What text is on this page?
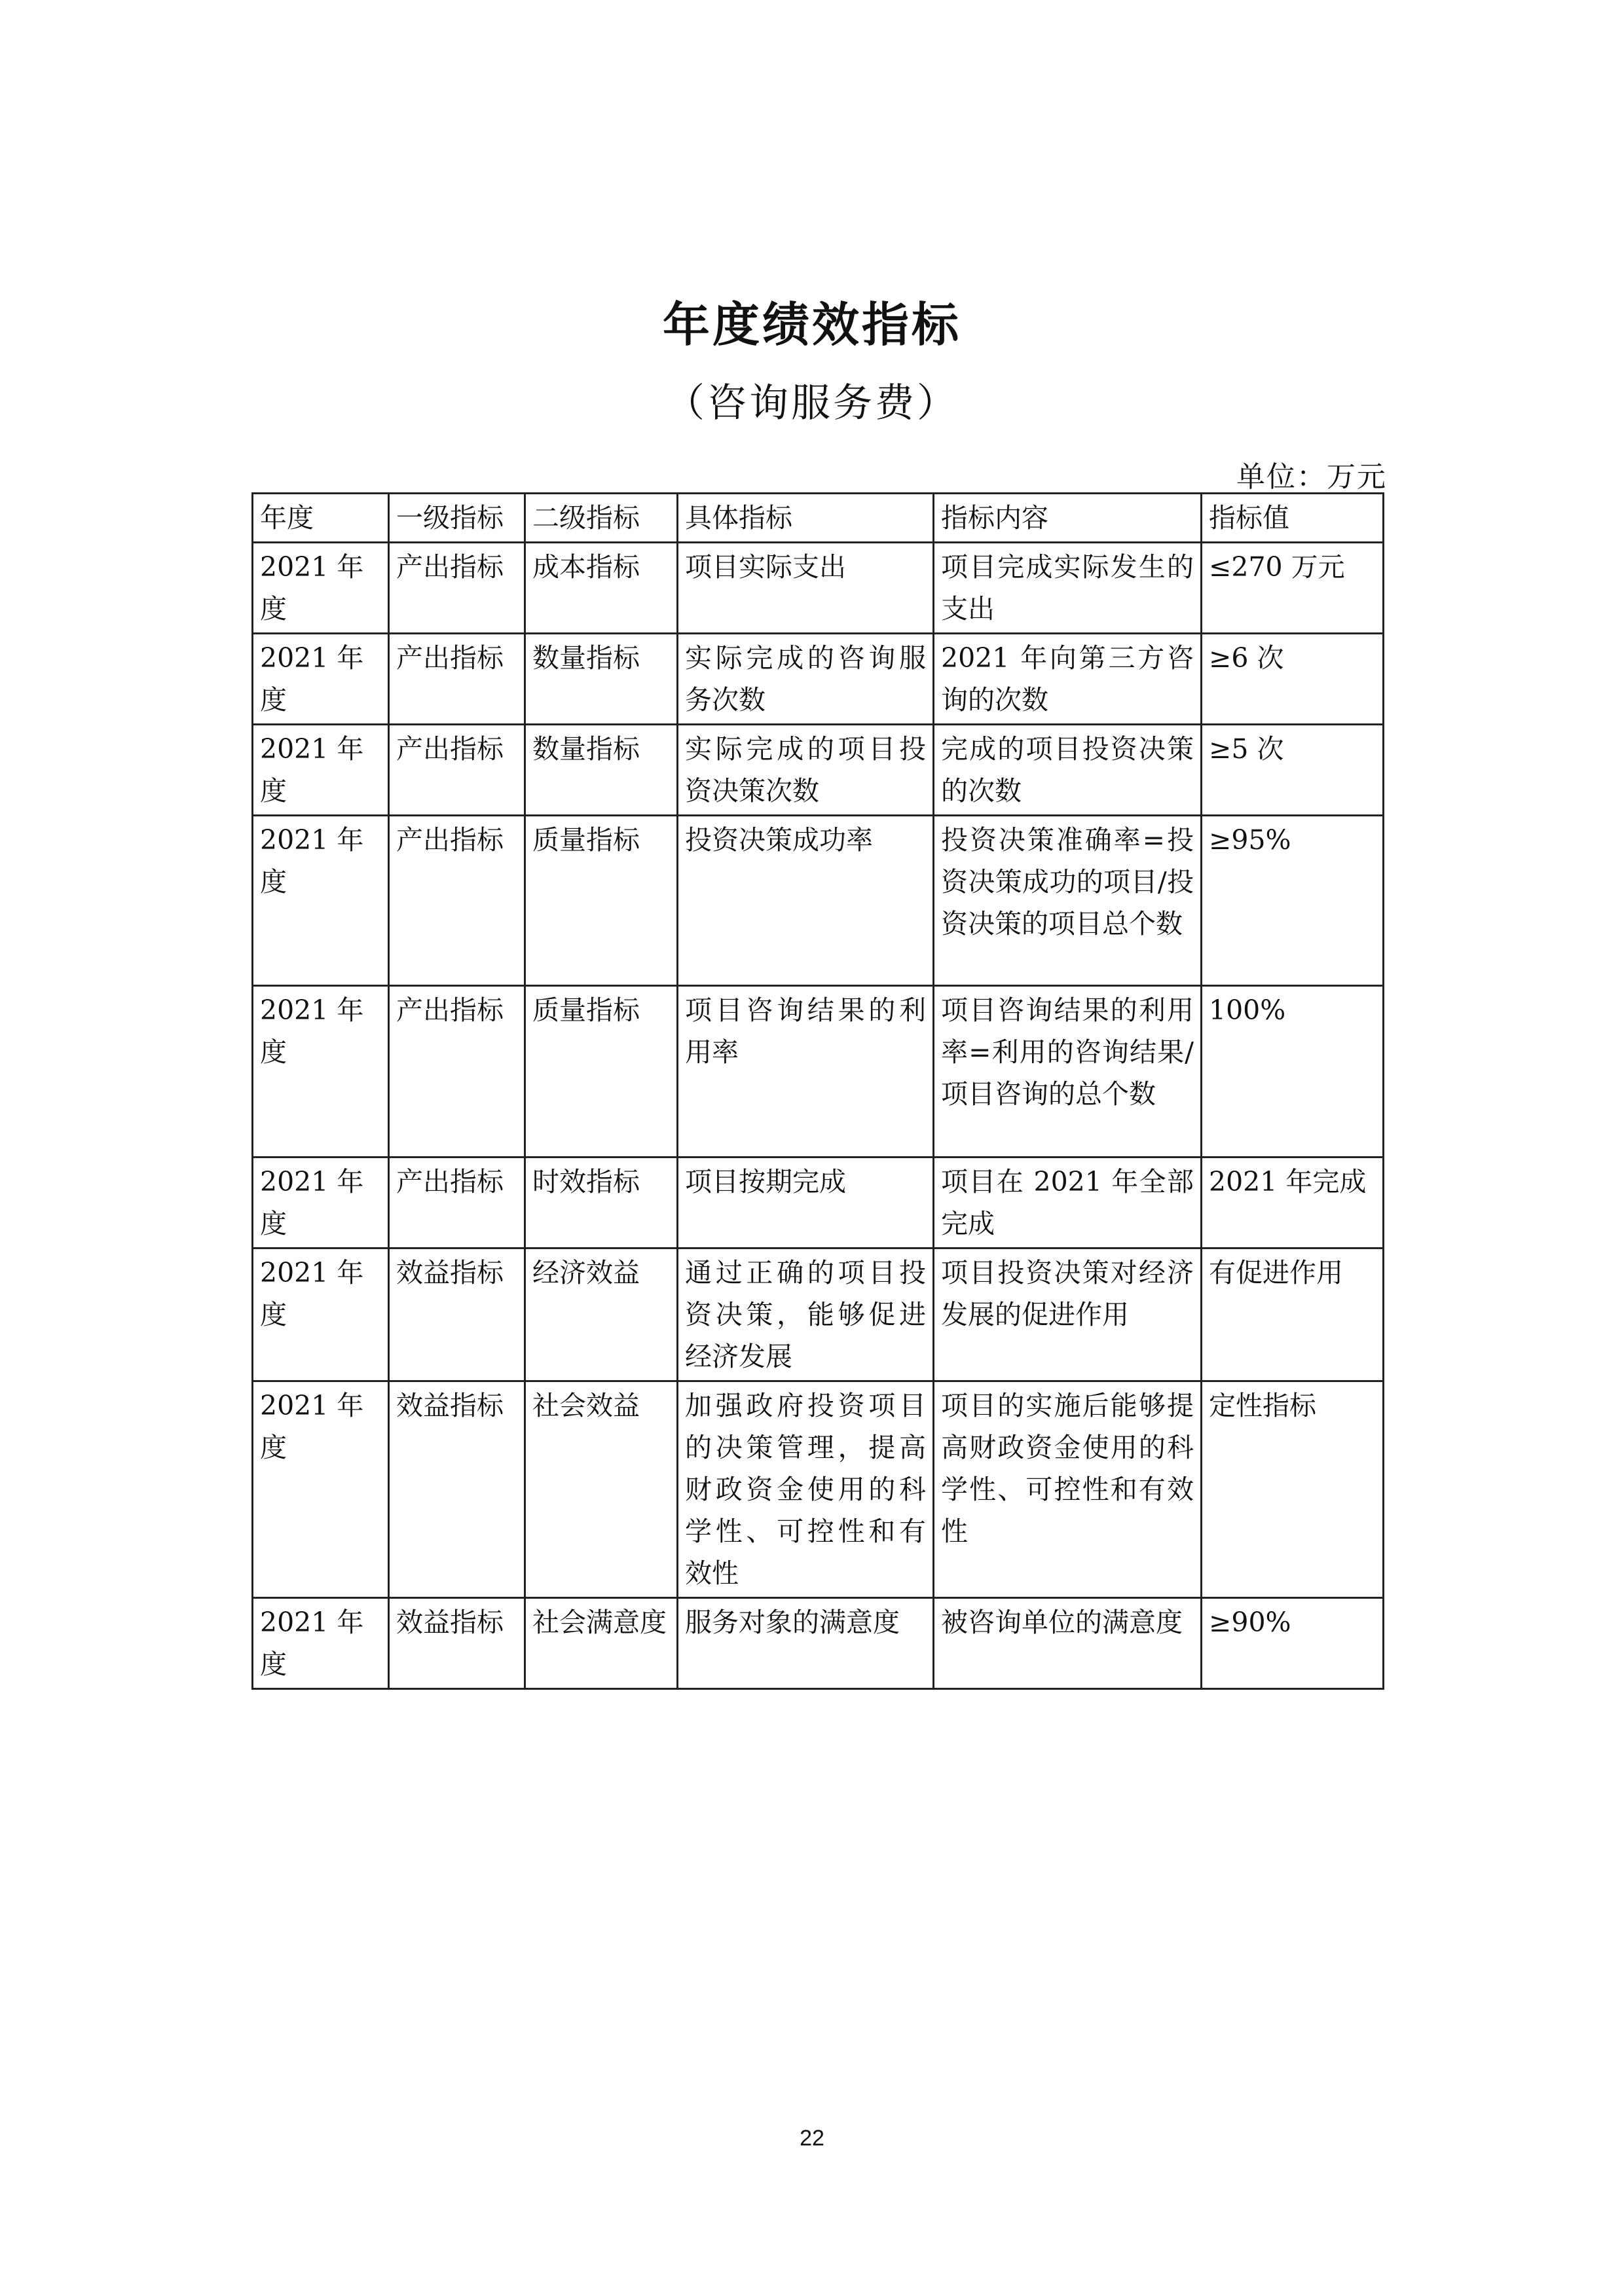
年度绩效指标
（咨询服务费）
单位：万元
年度	一级指标	二级指标	具体指标	指标内容	指标值
2021 年度	产出指标	成本指标	项目实际支出	项目完成实际发生的支出	≤270 万元
2021 年度	产出指标	数量指标	实际完成的咨询服务次数	2021 年向第三方咨询的次数	≥6 次
2021 年度	产出指标	数量指标	实际完成的项目投资决策次数	完成的项目投资决策的次数	≥5 次
2021 年度	产出指标	质量指标	投资决策成功率	投资决策准确率=投资决策成功的项目/投资决策的项目总个数	≥95%
2021 年度	产出指标	质量指标	项目咨询结果的利用率	项目咨询结果的利用率=利用的咨询结果/项目咨询的总个数	100%
2021 年度	产出指标	时效指标	项目按期完成	项目在 2021 年全部完成	2021 年完成
2021 年度	效益指标	经济效益	通过正确的项目投资决策，能够促进经济发展	项目投资决策对经济发展的促进作用	有促进作用
2021 年度	效益指标	社会效益	加强政府投资项目的决策管理，提高财政资金使用的科学性、可控性和有效性	项目的实施后能够提高财政资金使用的科学性、可控性和有效性	定性指标
2021 年度	效益指标	社会满意度	服务对象的满意度	被咨询单位的满意度	≥90%
22
